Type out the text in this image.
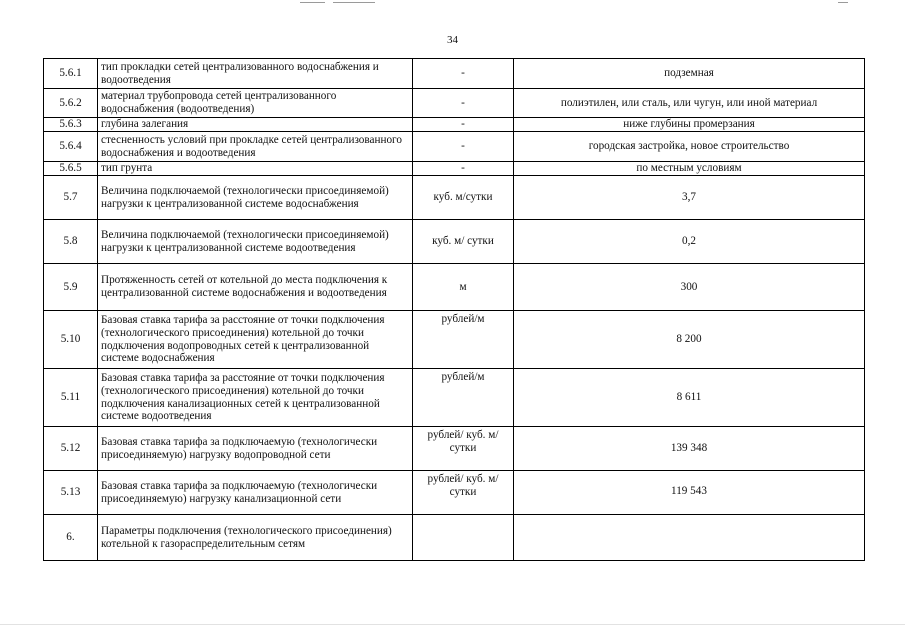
34
5.6.1	тип прокладки сетей централизованного водоснабжения и водоотведения	-	подземная
5.6.2	материал трубопровода сетей централизованного водоснабжения (водоотведения)	-	полиэтилен, или сталь, или чугун, или иной материал
5.6.3	глубина залегания	-	ниже глубины промерзания
5.6.4	стесненность условий при прокладке сетей централизованного водоснабжения и водоотведения	-	городская застройка, новое строительство
5.6.5	тип грунта	-	по местным условиям
5.7	Величина подключаемой (технологически присоединяемой) нагрузки к централизованной системе водоснабжения	куб. м/сутки	3,7
5.8	Величина подключаемой (технологически присоединяемой) нагрузки к централизованной системе водоотведения	куб. м/ сутки	0,2
5.9	Протяженность сетей от котельной до места подключения к централизованной системе водоснабжения и водоотведения	м	300
5.10	Базовая ставка тарифа за расстояние от точки подключения (технологического присоединения) котельной до точки подключения водопроводных сетей к централизованной системе водоснабжения	рублей/м	8 200
5.11	Базовая ставка тарифа за расстояние от точки подключения (технологического присоединения) котельной до точки подключения канализационных сетей к централизованной системе водоотведения	рублей/м	8 611
5.12	Базовая ставка тарифа за подключаемую (технологически присоединяемую) нагрузку водопроводной сети	рублей/ куб. м/сутки	139 348
5.13	Базовая ставка тарифа за подключаемую (технологически присоединяемую) нагрузку канализационной сети	рублей/ куб. м/сутки	119 543
6.	Параметры подключения (технологического присоединения) котельной к газораспределительным сетям		
